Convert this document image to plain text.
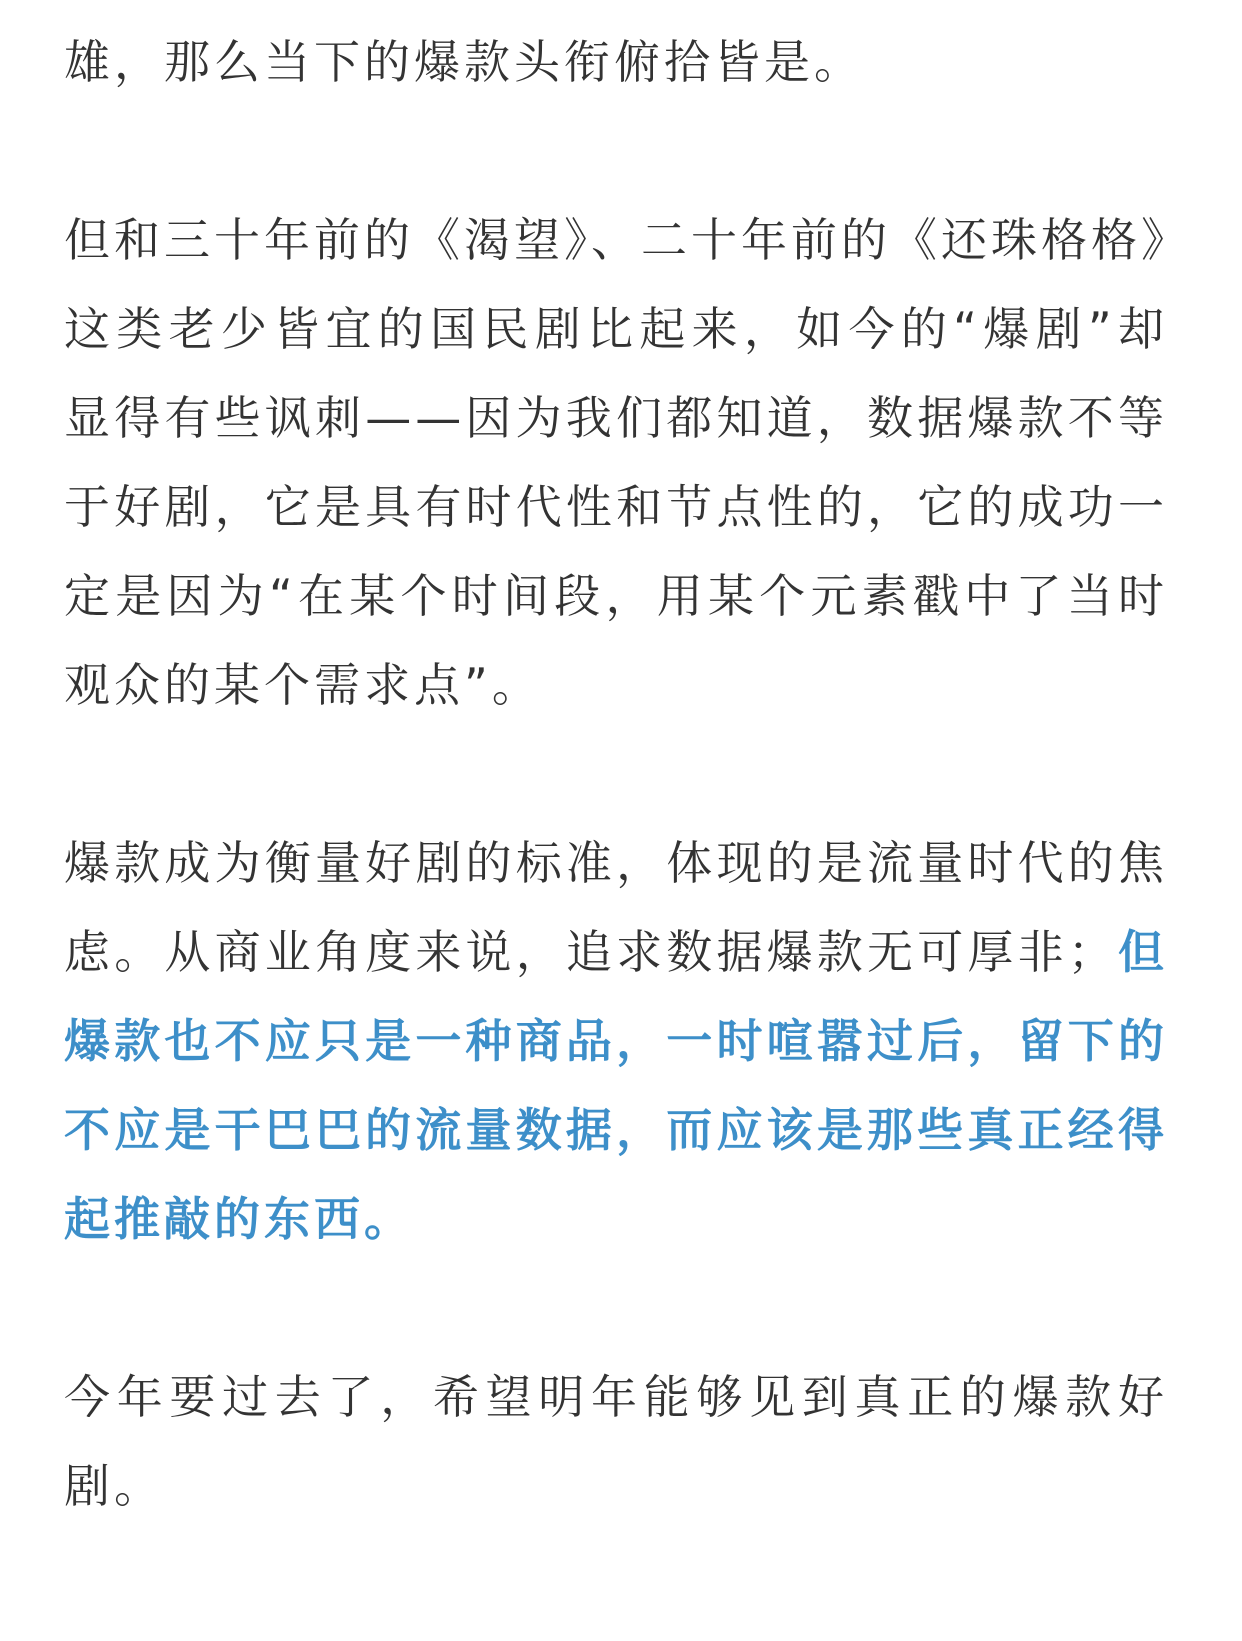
雄，那么当下的爆款头衔俯拾皆是。

但和三十年前的《渴望》、二十年前的《还珠格格》这类老少皆宜的国民剧比起来，如今的“爆剧”却显得有些讽刺——因为我们都知道，数据爆款不等于好剧，它是具有时代性和节点性的，它的成功一定是因为“在某个时间段，用某个元素戳中了当时观众的某个需求点”。

爆款成为衡量好剧的标准，体现的是流量时代的焦虑。从商业角度来说，追求数据爆款无可厚非；但爆款也不应只是一种商品，一时喧嚣过后，留下的不应是干巴巴的流量数据，而应该是那些真正经得起推敲的东西。

今年要过去了，希望明年能够见到真正的爆款好剧。
